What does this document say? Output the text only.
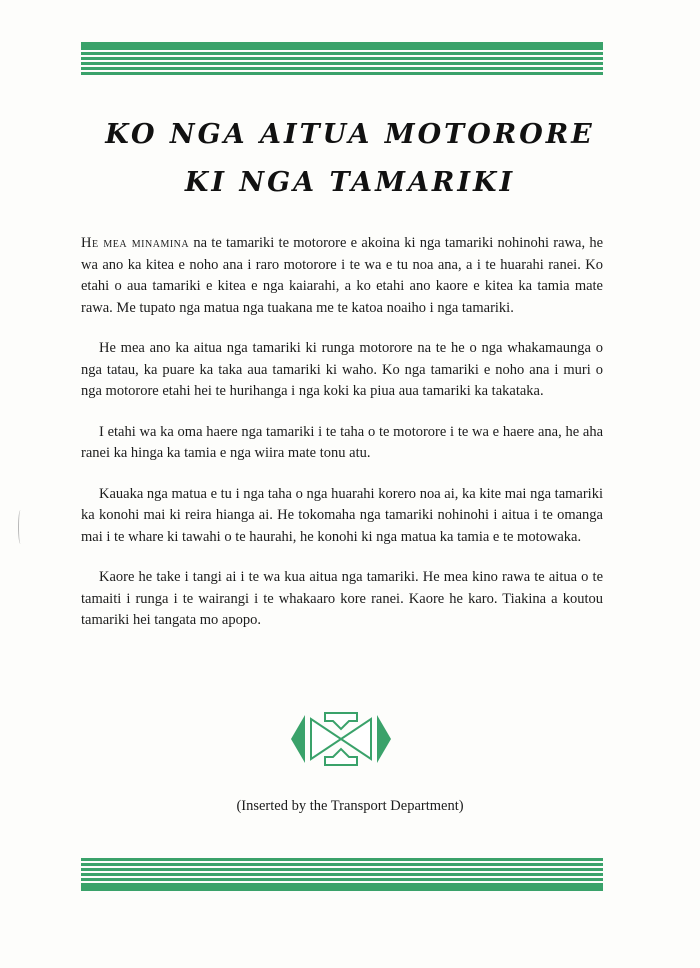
KO NGA AITUA MOTORORE
KI NGA TAMARIKI

He mea minamina na te tamariki te motorore e akoina ki nga tamariki nohinohi rawa, he wa ano ka kitea e noho ana i raro motorore i te wa e tu noa ana, a i te huarahi ranei. Ko etahi o aua tamariki e kitea e nga kaiarahi, a ko etahi ano kaore e kitea ka tamia mate rawa. Me tupato nga matua nga tuakana me te katoa noaiho i nga tamariki.

He mea ano ka aitua nga tamariki ki runga motorore na te he o nga whakamaunga o nga tatau, ka puare ka taka aua tamariki ki waho. Ko nga tamariki e noho ana i muri o nga motorore etahi hei te hurihanga i nga koki ka piua aua tamariki ka takataka.

I etahi wa ka oma haere nga tamariki i te taha o te motorore i te wa e haere ana, he aha ranei ka hinga ka tamia e nga wiira mate tonu atu.

Kauaka nga matua e tu i nga taha o nga huarahi korero noa ai, ka kite mai nga tamariki ka konohi mai ki reira hianga ai. He tokomaha nga tamariki nohinohi i aitua i te omanga mai i te whare ki tawahi o te haurahi, he konohi ki nga matua ka tamia e te motowaka.

Kaore he take i tangi ai i te wa kua aitua nga tamariki. He mea kino rawa te aitua o te tamaiti i runga i te wairangi i te whakaaro kore ranei. Kaore he karo. Tiakina a koutou tamariki hei tangata mo apopo.

(Inserted by the Transport Department)
